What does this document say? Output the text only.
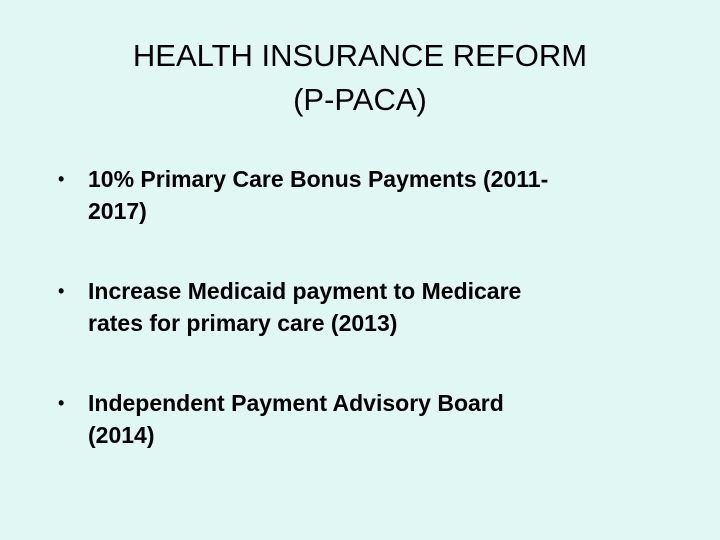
HEALTH INSURANCE REFORM
(P-PACA)
• 10% Primary Care Bonus Payments (2011-
2017)
• Increase Medicaid payment to Medicare
rates for primary care (2013)
• Independent Payment Advisory Board
(2014)
